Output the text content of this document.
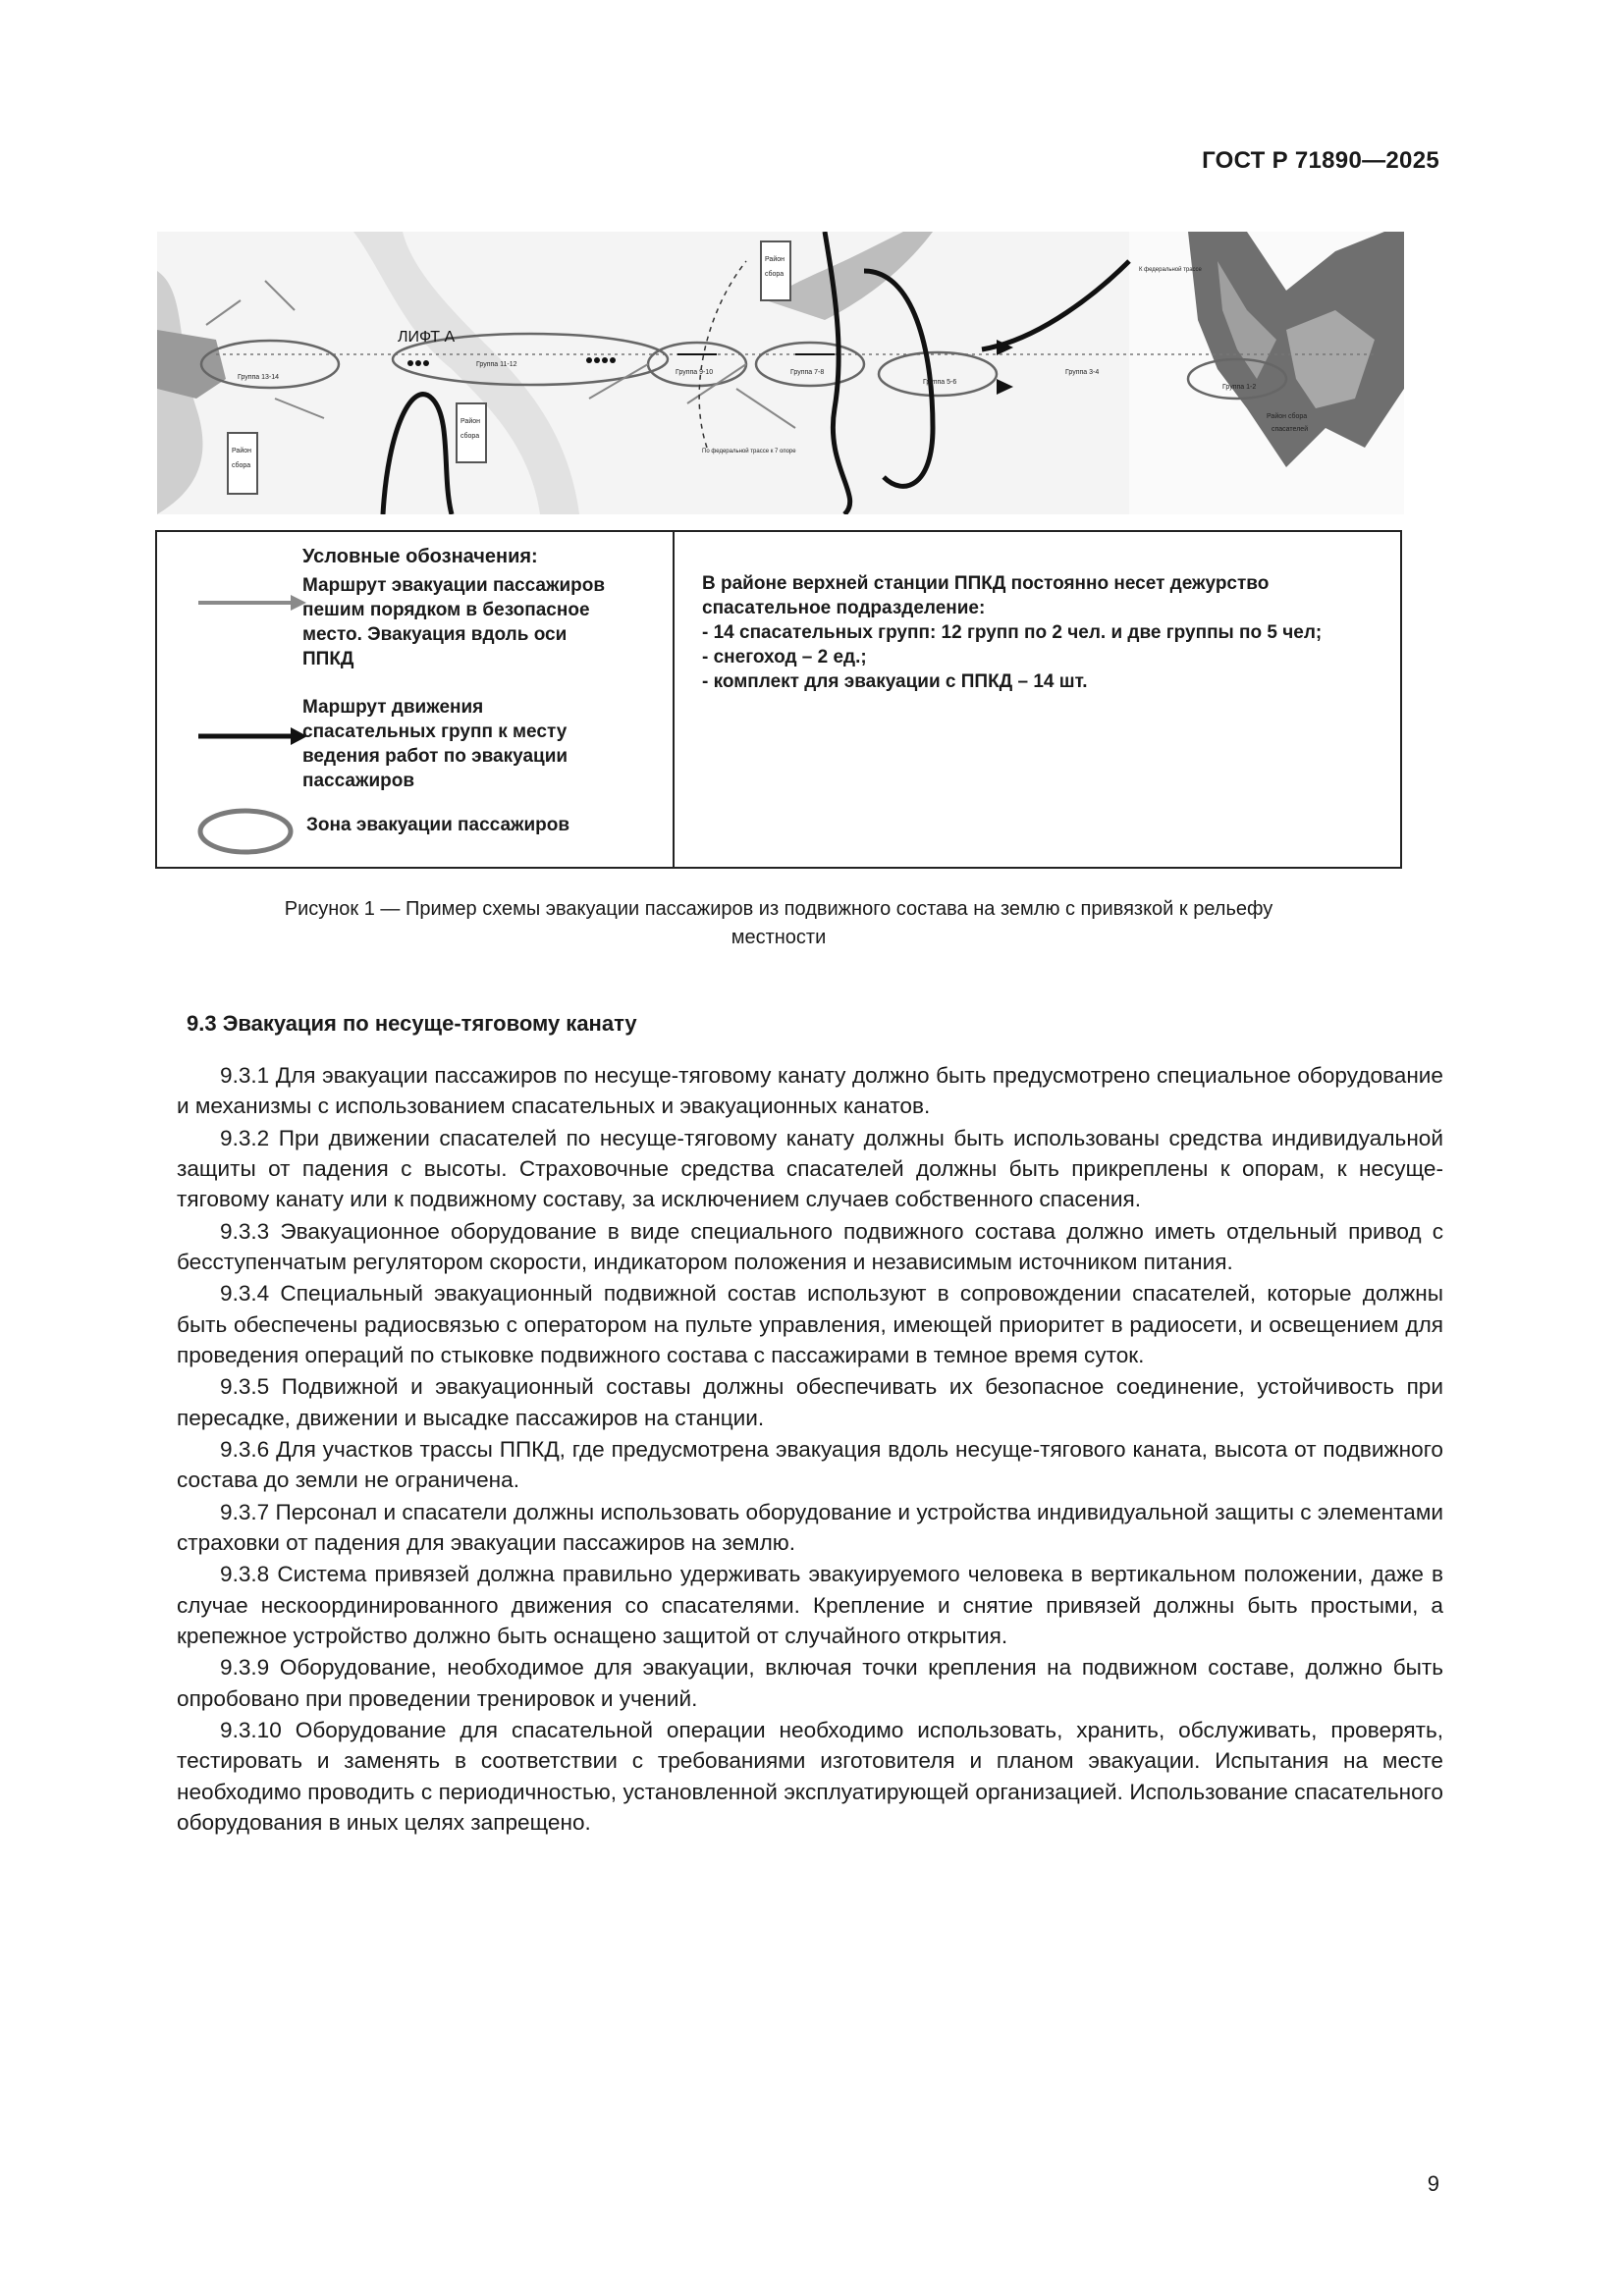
ГОСТ Р 71890—2025
Район
сбора
Район
сбора
Район
сбора
Группа 13-14
Группа 11-12
Группа 9-10	Группа 7-8
Группа 5-6
Группа 3-4
Группа 1-2
По федеральной трассе к 7 опоре
К федеральной трассе
Район сбора
спасателей
ЛИФТ А
Условные обозначения:
Маршрут эвакуации пассажиров
пешим порядком в безопасное
место. Эвакуация вдоль оси
ППКД
Маршрут движения
спасательных групп к месту
ведения работ по эвакуации
пассажиров
Зона эвакуации пассажиров
В районе верхней станции ППКД постоянно несет дежурство
спасательное подразделение:
- 14 спасательных групп: 12 групп по 2 чел. и две группы по 5 чел;
- снегоход – 2 ед.;
- комплект для эвакуации с ППКД – 14 шт.
Рисунок 1 — Пример схемы эвакуации пассажиров из подвижного состава на землю с привязкой к рельефу
местности
9.3 Эвакуация по несуще-тяговому канату

9.3.1 Для эвакуации пассажиров по несуще-тяговому канату должно быть предусмотрено специальное оборудование и механизмы с использованием спасательных и эвакуационных канатов.

9.3.2 При движении спасателей по несуще-тяговому канату должны быть использованы средства индивидуальной защиты от падения с высоты. Страховочные средства спасателей должны быть прикреплены к опорам, к несуще-тяговому канату или к подвижному составу, за исключением случаев собственного спасения.

9.3.3 Эвакуационное оборудование в виде специального подвижного состава должно иметь отдельный привод с бесступенчатым регулятором скорости, индикатором положения и независимым источником питания.

9.3.4 Специальный эвакуационный подвижной состав используют в сопровождении спасателей, которые должны быть обеспечены радиосвязью с оператором на пульте управления, имеющей приоритет в радиосети, и освещением для проведения операций по стыковке подвижного состава с пассажирами в темное время суток.

9.3.5 Подвижной и эвакуационный составы должны обеспечивать их безопасное соединение, устойчивость при пересадке, движении и высадке пассажиров на станции.

9.3.6 Для участков трассы ППКД, где предусмотрена эвакуация вдоль несуще-тягового каната, высота от подвижного состава до земли не ограничена.

9.3.7 Персонал и спасатели должны использовать оборудование и устройства индивидуальной защиты с элементами страховки от падения для эвакуации пассажиров на землю.

9.3.8 Система привязей должна правильно удерживать эвакуируемого человека в вертикальном положении, даже в случае нескоординированного движения со спасателями. Крепление и снятие привязей должны быть простыми, а крепежное устройство должно быть оснащено защитой от случайного открытия.

9.3.9 Оборудование, необходимое для эвакуации, включая точки крепления на подвижном составе, должно быть опробовано при проведении тренировок и учений.

9.3.10 Оборудование для спасательной операции необходимо использовать, хранить, обслуживать, проверять, тестировать и заменять в соответствии с требованиями изготовителя и планом эвакуации. Испытания на месте необходимо проводить с периодичностью, установленной эксплуатирующей организацией. Использование спасательного оборудования в иных целях запрещено.

9
